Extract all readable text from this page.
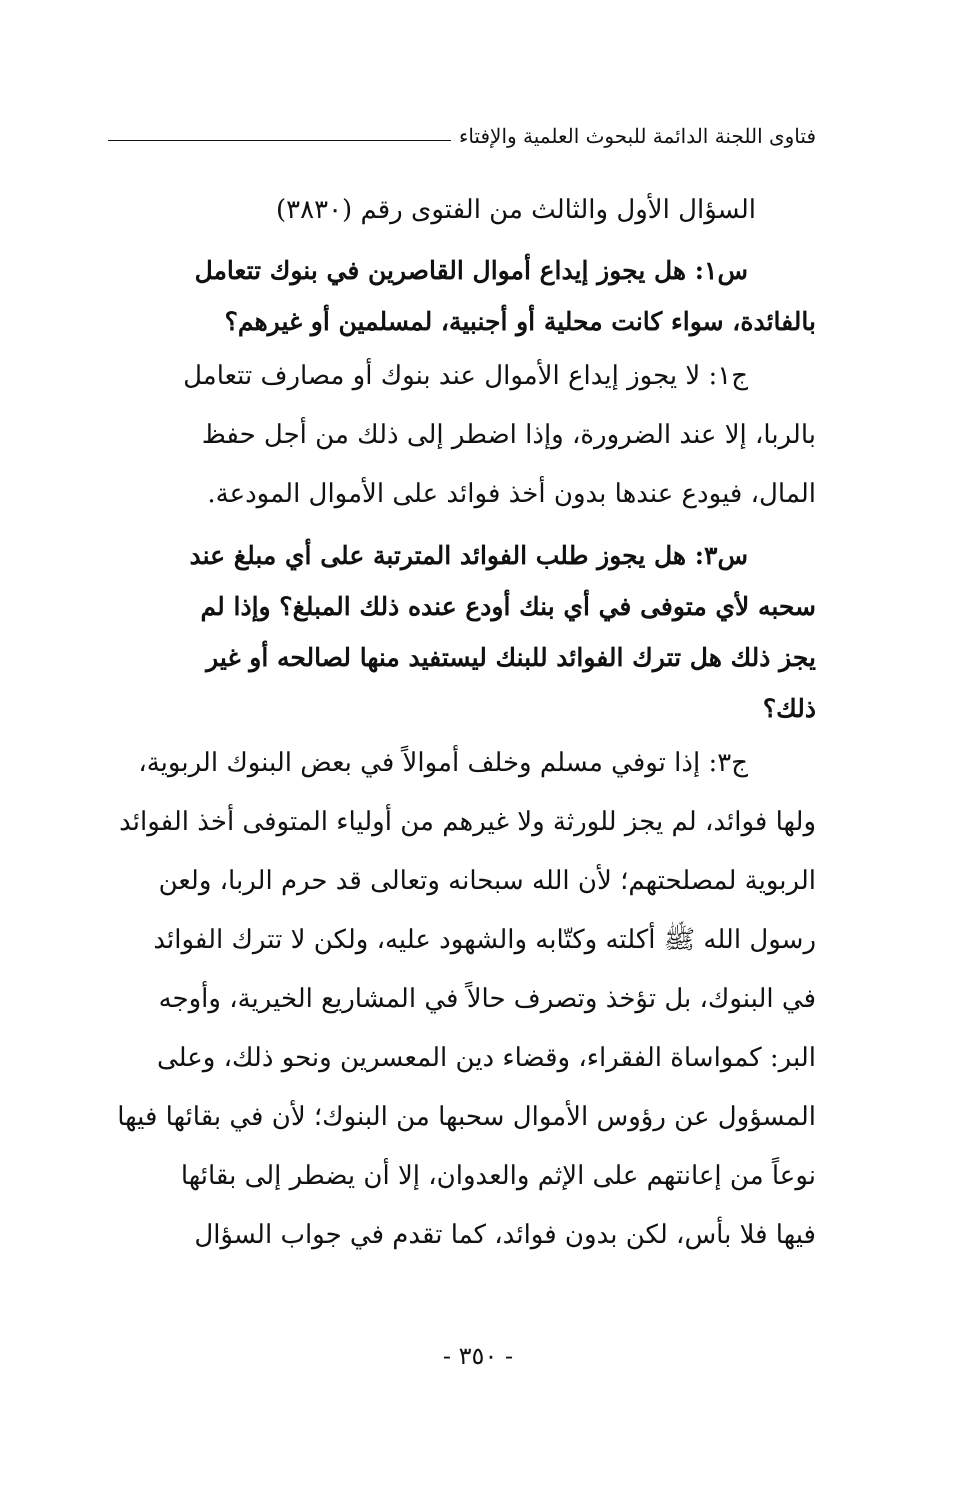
فتاوى اللجنة الدائمة للبحوث العلمية والإفتاء
السؤال الأول والثالث من الفتوى رقم (٣٨٣٠)
س١: هل يجوز إيداع أموال القاصرين في بنوك تتعامل
بالفائدة، سواء كانت محلية أو أجنبية، لمسلمين أو غيرهم؟
ج١: لا يجوز إيداع الأموال عند بنوك أو مصارف تتعامل
بالربا، إلا عند الضرورة، وإذا اضطر إلى ذلك من أجل حفظ
المال، فيودع عندها بدون أخذ فوائد على الأموال المودعة.
س٣: هل يجوز طلب الفوائد المترتبة على أي مبلغ عند
سحبه لأي متوفى في أي بنك أودع عنده ذلك المبلغ؟ وإذا لم
يجز ذلك هل تترك الفوائد للبنك ليستفيد منها لصالحه أو غير
ذلك؟
ج٣: إذا توفي مسلم وخلف أموالاً في بعض البنوك الربوية،
ولها فوائد، لم يجز للورثة ولا غيرهم من أولياء المتوفى أخذ الفوائد
الربوية لمصلحتهم؛ لأن الله سبحانه وتعالى قد حرم الربا، ولعن
رسول الله ﷺ أكلته وكتّابه والشهود عليه، ولكن لا تترك الفوائد
في البنوك، بل تؤخذ وتصرف حالاً في المشاريع الخيرية، وأوجه
البر: كمواساة الفقراء، وقضاء دين المعسرين ونحو ذلك، وعلى
المسؤول عن رؤوس الأموال سحبها من البنوك؛ لأن في بقائها فيها
نوعاً من إعانتهم على الإثم والعدوان، إلا أن يضطر إلى بقائها
فيها فلا بأس، لكن بدون فوائد، كما تقدم في جواب السؤال
- ٣٥٠ -
